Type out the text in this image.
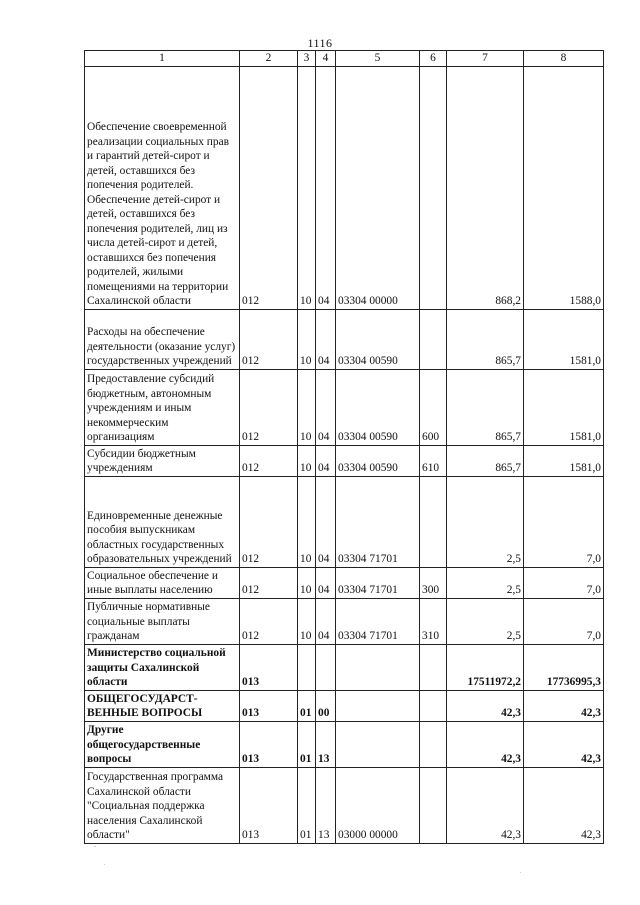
1116
1	2	3	4	5	6	7	8
Обеспечение своевременной реализации социальных прав и гарантий детей-сирот и детей, оставшихся без попечения родителей. Обеспечение детей-сирот и детей, оставшихся без попечения родителей, лиц из числа детей-сирот и детей, оставшихся без попечения родителей, жилыми помещениями на территории Сахалинской области	012	10	04	03304 00000		868,2	1588,0
Расходы на обеспечение деятельности (оказание услуг) государственных учреждений	012	10	04	03304 00590		865,7	1581,0
Предоставление субсидий бюджетным, автономным учреждениям и иным некоммерческим организациям	012	10	04	03304 00590	600	865,7	1581,0
Субсидии бюджетным учреждениям	012	10	04	03304 00590	610	865,7	1581,0
Единовременные денежные пособия выпускникам областных государственных образовательных учреждений	012	10	04	03304 71701		2,5	7,0
Социальное обеспечение и иные выплаты населению	012	10	04	03304 71701	300	2,5	7,0
Публичные нормативные социальные выплаты гражданам	012	10	04	03304 71701	310	2,5	7,0
Министерство социальной защиты Сахалинской области	013					17511972,2	17736995,3
ОБЩЕГОСУДАРСТ-ВЕННЫЕ ВОПРОСЫ	013	01	00			42,3	42,3
Другие общегосударственные вопросы	013	01	13			42,3	42,3
Государственная программа Сахалинской области "Социальная поддержка населения Сахалинской области"	013	01	13	03000 00000		42,3	42,3
